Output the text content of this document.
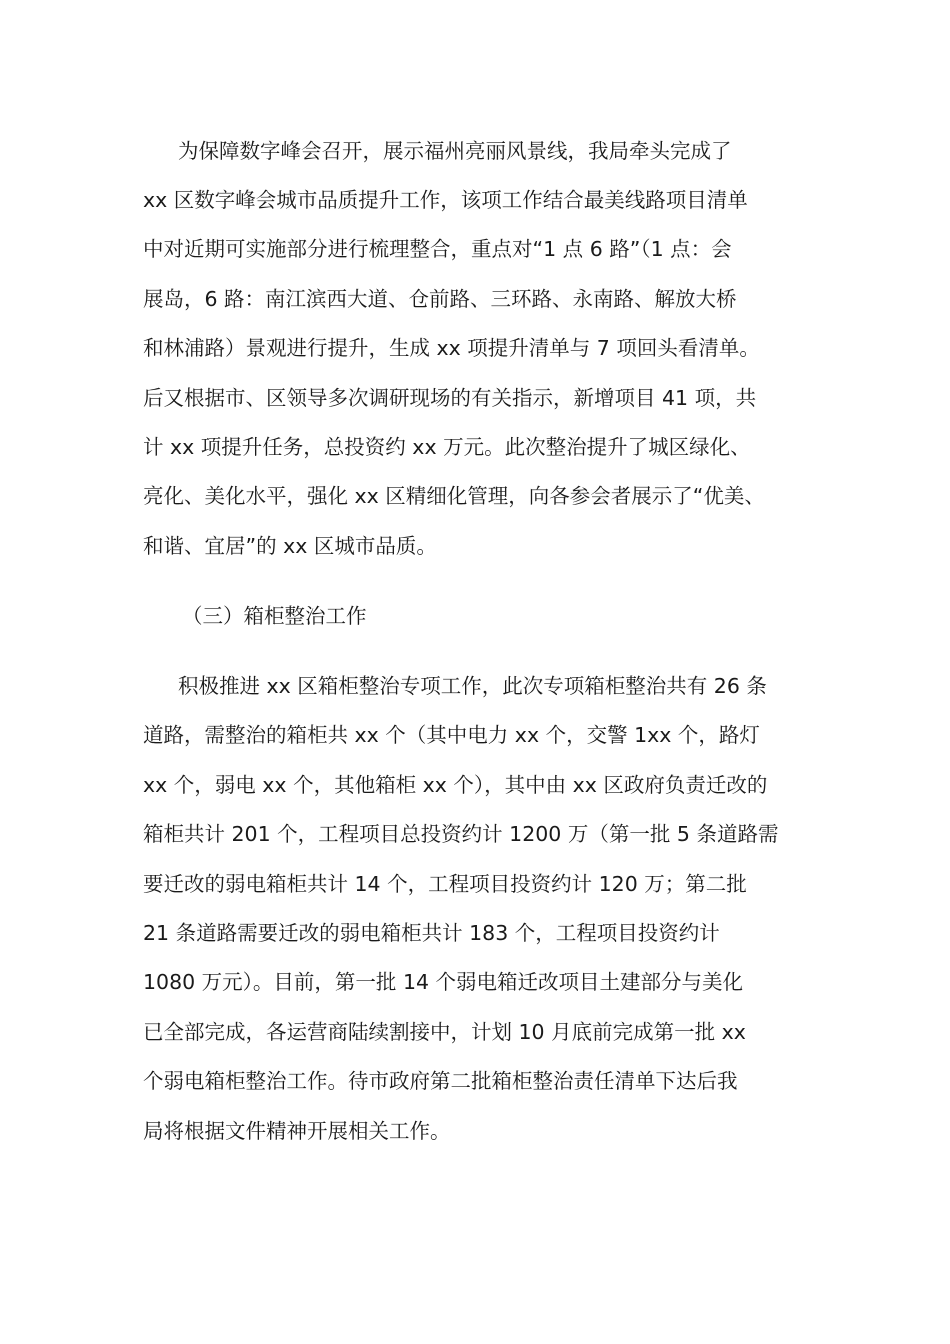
为保障数字峰会召开，展示福州亮丽风景线，我局牵头完成了
xx 区数字峰会城市品质提升工作，该项工作结合最美线路项目清单
中对近期可实施部分进行梳理整合，重点对“1 点 6 路”（1 点：会
展岛，6 路：南江滨西大道、仓前路、三环路、永南路、解放大桥
和林浦路）景观进行提升，生成 xx 项提升清单与 7 项回头看清单。
后又根据市、区领导多次调研现场的有关指示，新增项目 41 项，共
计 xx 项提升任务，总投资约 xx 万元。此次整治提升了城区绿化、
亮化、美化水平，强化 xx 区精细化管理，向各参会者展示了“优美、
和谐、宜居”的 xx 区城市品质。
（三）箱柜整治工作
积极推进 xx 区箱柜整治专项工作，此次专项箱柜整治共有 26 条
道路，需整治的箱柜共 xx 个（其中电力 xx 个，交警 1xx 个，路灯
xx 个，弱电 xx 个，其他箱柜 xx 个），其中由 xx 区政府负责迁改的
箱柜共计 201 个，工程项目总投资约计 1200 万（第一批 5 条道路需
要迁改的弱电箱柜共计 14 个，工程项目投资约计 120 万；第二批
21 条道路需要迁改的弱电箱柜共计 183 个，工程项目投资约计
1080 万元）。目前，第一批 14 个弱电箱迁改项目土建部分与美化
已全部完成，各运营商陆续割接中，计划 10 月底前完成第一批 xx
个弱电箱柜整治工作。待市政府第二批箱柜整治责任清单下达后我
局将根据文件精神开展相关工作。
